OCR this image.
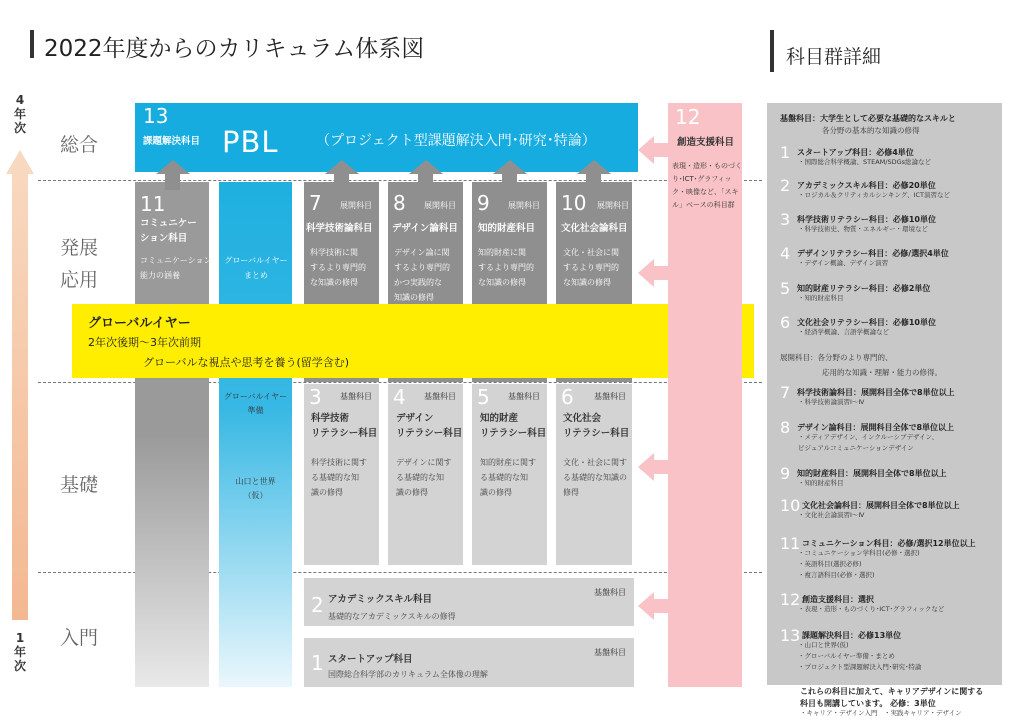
2022年度からのカリキュラム体系図	科目群詳細
4
年
次
1
年
次
総合
発展
応用
基礎
入門
11
コミュニケー
ション科目
コミュニケーション
能力の涵養
グローバルイヤー
まとめ
グローバルイヤー
準備
山口と世界
（仮）
13
課題解決科目 PBL	（プロジェクト型課題解決入門･研究･特論）
7 展開科目
科学技術論科目
科学技術に関
するより専門的
な知識の修得
8 展開科目
デザイン論科目
デザイン論に関
するより専門的
かつ実践的な
知識の修得
9 展開科目
知的財産科目
知的財産に関
するより専門的
な知識の修得
10 展開科目
文化社会論科目
文化・社会に関
するより専門的
な知識の修得
グローバルイヤー
2年次後期〜3年次前期
グローバルな視点や思考を養う(留学含む)
3 基盤科目
科学技術
リテラシー科目
科学技術に関す
る基礎的な知
識の修得
4 基盤科目
デザイン
リテラシー科目
デザインに関す
る基礎的な知
識の修得
5 基盤科目
知的財産
リテラシー科目
知的財産に関す
る基礎的な知
識の修得
6	基盤科目
文化社会
リテラシー科目
文化・社会に関す
る基礎的な知識の
修得
2
基盤科目
アカデミックスキル科目
基礎的なアカデミックスキルの修得
1	基盤科目
スタートアップ科目
国際総合科学部のカリキュラム全体像の理解
12
創造支援科目
表現・造形・ものづくり･ICT･グラフィック・映像など、「スキル」ベースの科目群
基盤科目：大学生として必要な基礎的なスキルと
各分野の基本的な知識の修得
1 スタートアップ科目：必修4単位
・国際総合科学概論、STEAM/SDGs総論など
2 アカデミックスキル科目：必修20単位
・ロジカル＆クリティカルシンキング、ICT演習など
3 科学技術リテラシー科目：必修10単位
・科学技術史、物質・エネルギー・環境など
4 デザインリテラシー科目：必修/選択4単位
・デザイン概論、デザイン演習
5 知的財産リテラシー科目：必修2単位
・知的財産科目
6 文化社会リテラシー科目：必修10単位
・経済学概論、言語学概論など
7 科学技術論科目：展開科目全体で8単位以上
・科学技術論演習Ⅰ～Ⅳ
8 デザイン論科目：展開科目全体で8単位以上
・メディアデザイン、インクルーシブデザイン、
ビジュアルコミュニケーションデザイン
9 知的財産科目：展開科目全体で8単位以上
・知的財産科目
10 文化社会論科目：展開科目全体で8単位以上
・文化社会論演習Ⅰ～Ⅳ
11 コミュニケーション科目：必修/選択12単位以上
・コミュニケーション学科目(必修・選択)
・英語科目(選択必修)
・複言語科目(必修・選択)
12 創造支援科目：選択
・表現・造形・ものづくり･ICT･グラフィックなど
13 課題解決科目：必修13単位
・山口と世界(仮)
・グローバルイヤー準備・まとめ
・プロジェクト型課題解決入門･研究･特論
展開科目：各分野のより専門的、
応用的な知識・理解・能力の修得。
これらの科目に加えて、キャリアデザインに関する
科目も開講しています。 必修：3単位
・キャリア・デザイン入門　・実践キャリア・デザイン
